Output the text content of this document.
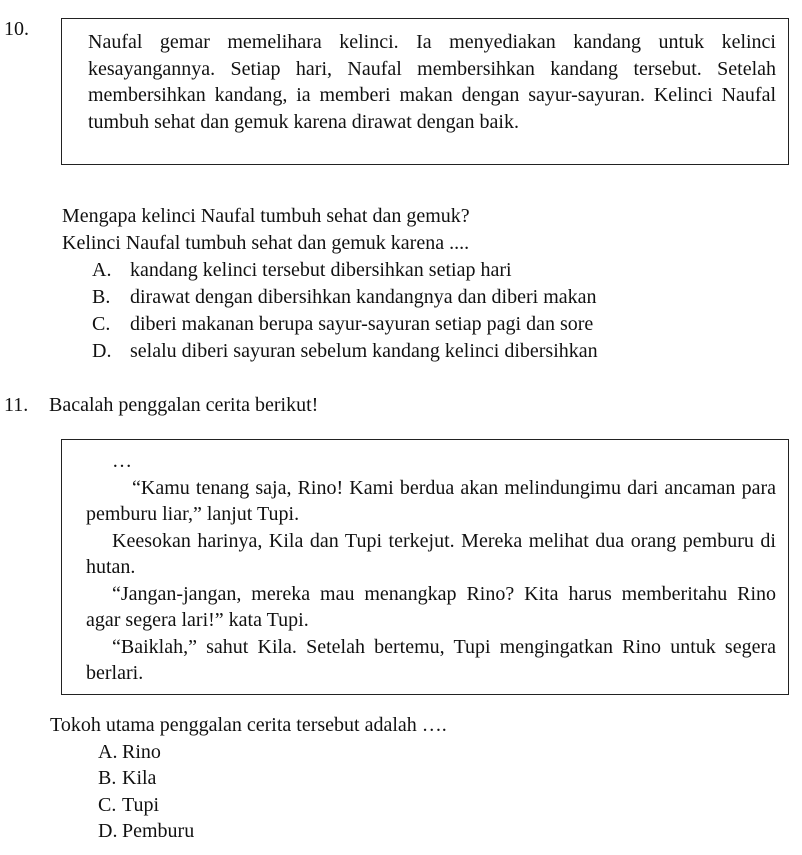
10.
Naufal gemar memelihara kelinci. Ia menyediakan kandang untuk kelinci kesayangannya. Setiap hari, Naufal membersihkan kandang tersebut. Setelah membersihkan kandang, ia memberi makan dengan sayur-sayuran. Kelinci Naufal tumbuh sehat dan gemuk karena dirawat dengan baik.
Mengapa kelinci Naufal tumbuh sehat dan gemuk?
Kelinci Naufal tumbuh sehat dan gemuk karena ....
A. kandang kelinci tersebut dibersihkan setiap hari
B. dirawat dengan dibersihkan kandangnya dan diberi makan
C. diberi makanan berupa sayur-sayuran setiap pagi dan sore
D. selalu diberi sayuran sebelum kandang kelinci dibersihkan
11. Bacalah penggalan cerita berikut!

…

“Kamu tenang saja, Rino! Kami berdua akan melindungimu dari ancaman para pemburu liar,” lanjut Tupi.

Keesokan harinya, Kila dan Tupi terkejut. Mereka melihat dua orang pemburu di hutan.

“Jangan-jangan, mereka mau menangkap Rino? Kita harus memberitahu Rino agar segera lari!” kata Tupi.

“Baiklah,” sahut Kila. Setelah bertemu, Tupi mengingatkan Rino untuk segera berlari.

Tokoh utama penggalan cerita tersebut adalah ….
A. Rino
B. Kila
C. Tupi
D. Pemburu
